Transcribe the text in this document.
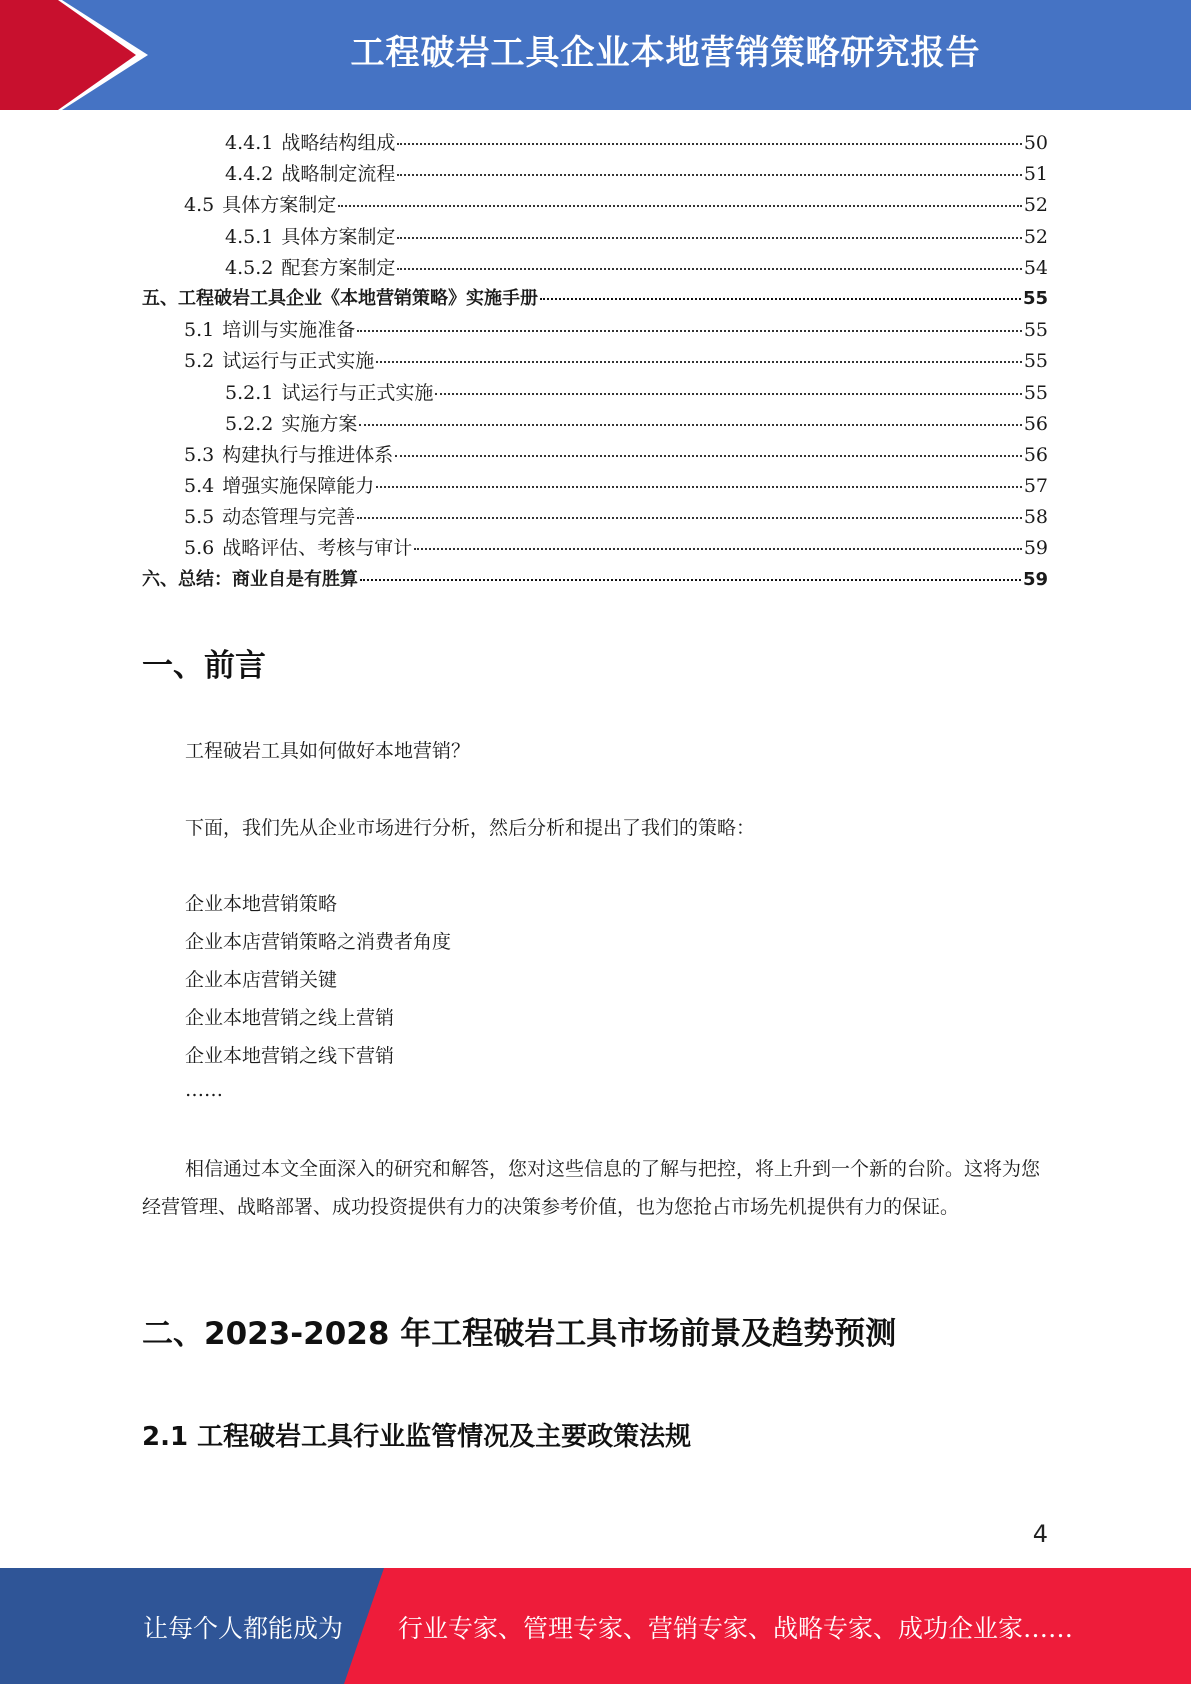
工程破岩工具企业本地营销策略研究报告
4.4.1 战略结构组成	50
4.4.2 战略制定流程	51
4.5 具体方案制定	52
4.5.1 具体方案制定	52
4.5.2 配套方案制定	54
五、工程破岩工具企业《本地营销策略》实施手册	55
5.1 培训与实施准备	55
5.2 试运行与正式实施	55
5.2.1 试运行与正式实施	55
5.2.2 实施方案	56
5.3 构建执行与推进体系	56
5.4 增强实施保障能力	57
5.5 动态管理与完善	58
5.6 战略评估、考核与审计	59
六、总结：商业自是有胜算	59
一、前言

工程破岩工具如何做好本地营销？

下面，我们先从企业市场进行分析，然后分析和提出了我们的策略：

企业本地营销策略
企业本店营销策略之消费者角度
企业本店营销关键
企业本地营销之线上营销
企业本地营销之线下营销
……

相信通过本文全面深入的研究和解答，您对这些信息的了解与把控，将上升到一个新的台阶。这将为您经营管理、战略部署、成功投资提供有力的决策参考价值，也为您抢占市场先机提供有力的保证。

二、2023-2028 年工程破岩工具市场前景及趋势预测
2.1 工程破岩工具行业监管情况及主要政策法规
4
让每个人都能成为 行业专家、管理专家、营销专家、战略专家、成功企业家……
